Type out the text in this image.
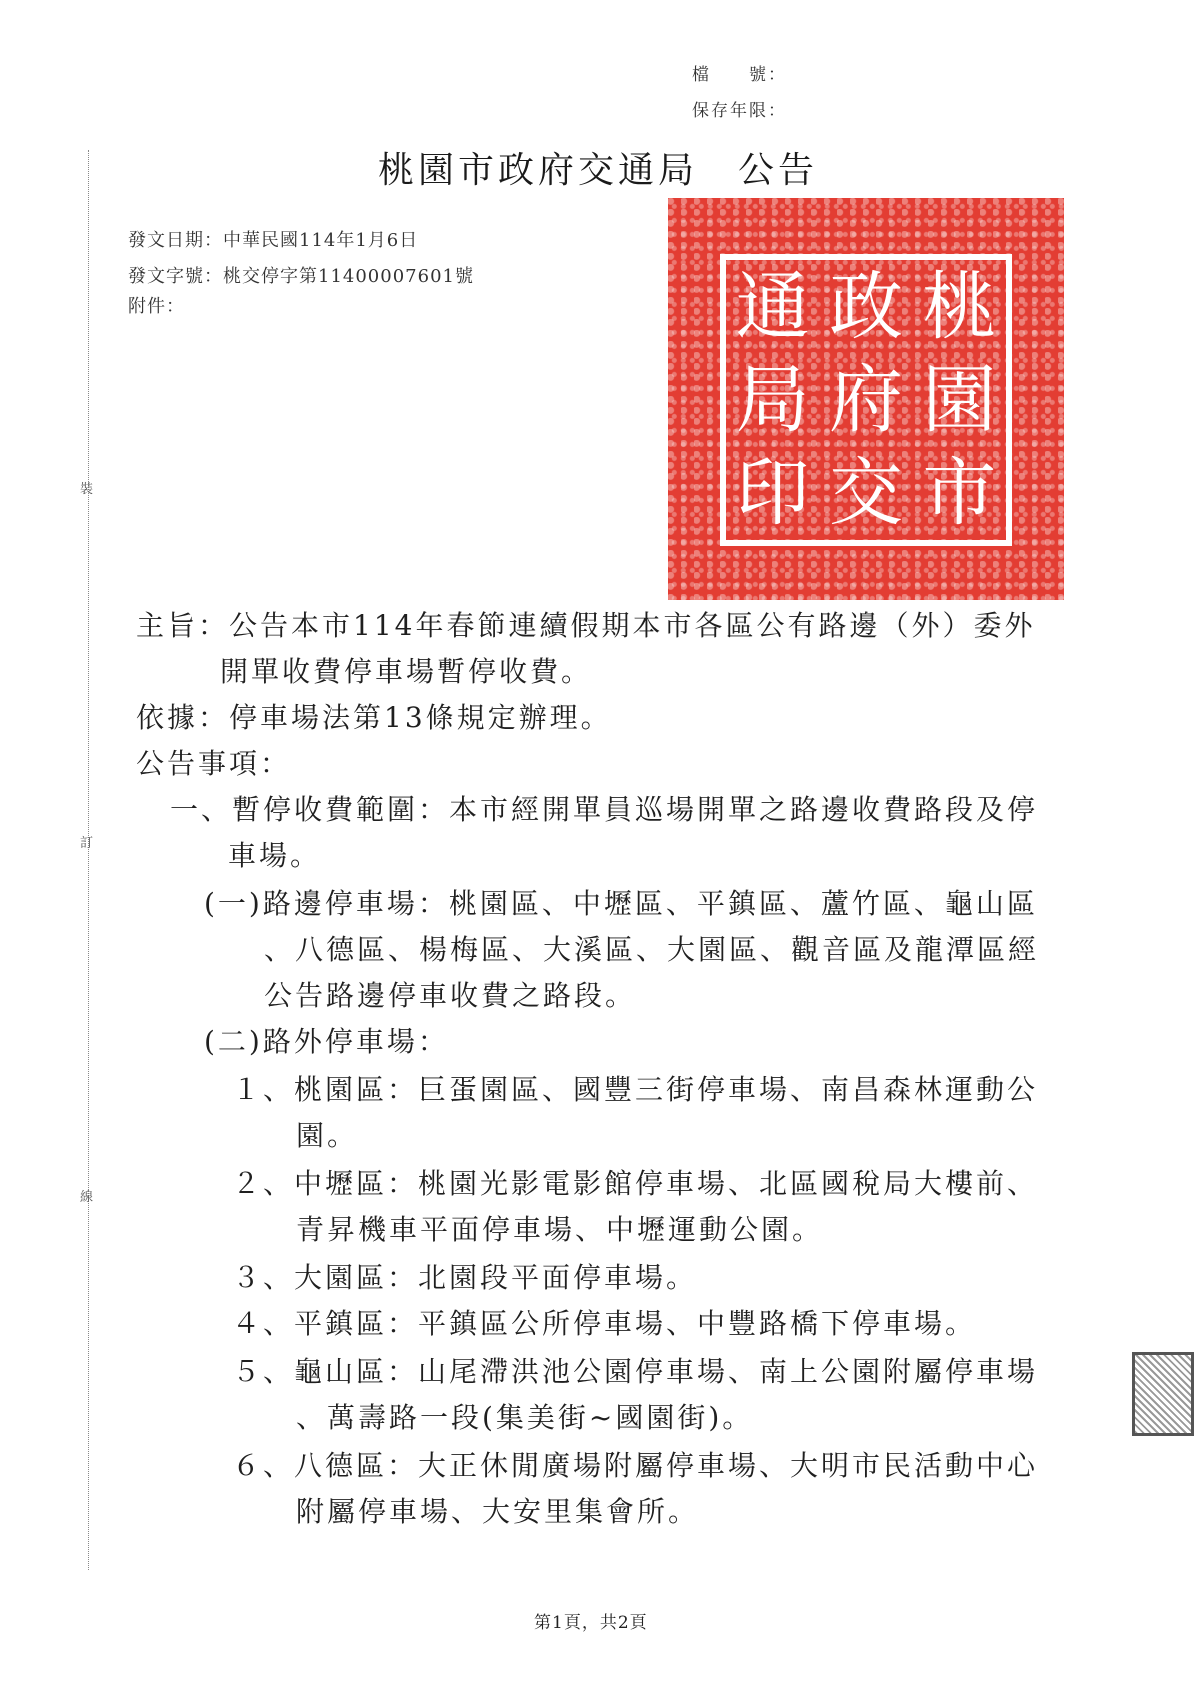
檔　　號：
保存年限：
桃園市政府交通局　公告
發文日期：中華民國114年1月6日
發文字號：桃交停字第11400007601號
附件：	桃
政
通
園
府
局
市
交
印
裝
訂
線
主旨：公告本市114年春節連續假期本市各區公有路邊（外）委外
開單收費停車場暫停收費。
依據：停車場法第13條規定辦理。
公告事項：
一、暫停收費範圍：本市經開單員巡場開單之路邊收費路段及停
車場。
(一)路邊停車場：桃園區、中壢區、平鎮區、蘆竹區、龜山區
、八德區、楊梅區、大溪區、大園區、觀音區及龍潭區經
公告路邊停車收費之路段。
(二)路外停車場：
１、桃園區：巨蛋園區、國豐三街停車場、南昌森林運動公
園。
２、中壢區：桃園光影電影館停車場、北區國稅局大樓前、
青昇機車平面停車場、中壢運動公園。
３、大園區：北園段平面停車場。
４、平鎮區：平鎮區公所停車場、中豐路橋下停車場。
５、龜山區：山尾滯洪池公園停車場、南上公園附屬停車場
、萬壽路一段(集美街~國園街)。
６、八德區：大正休閒廣場附屬停車場、大明市民活動中心
附屬停車場、大安里集會所。
第1頁，共2頁
